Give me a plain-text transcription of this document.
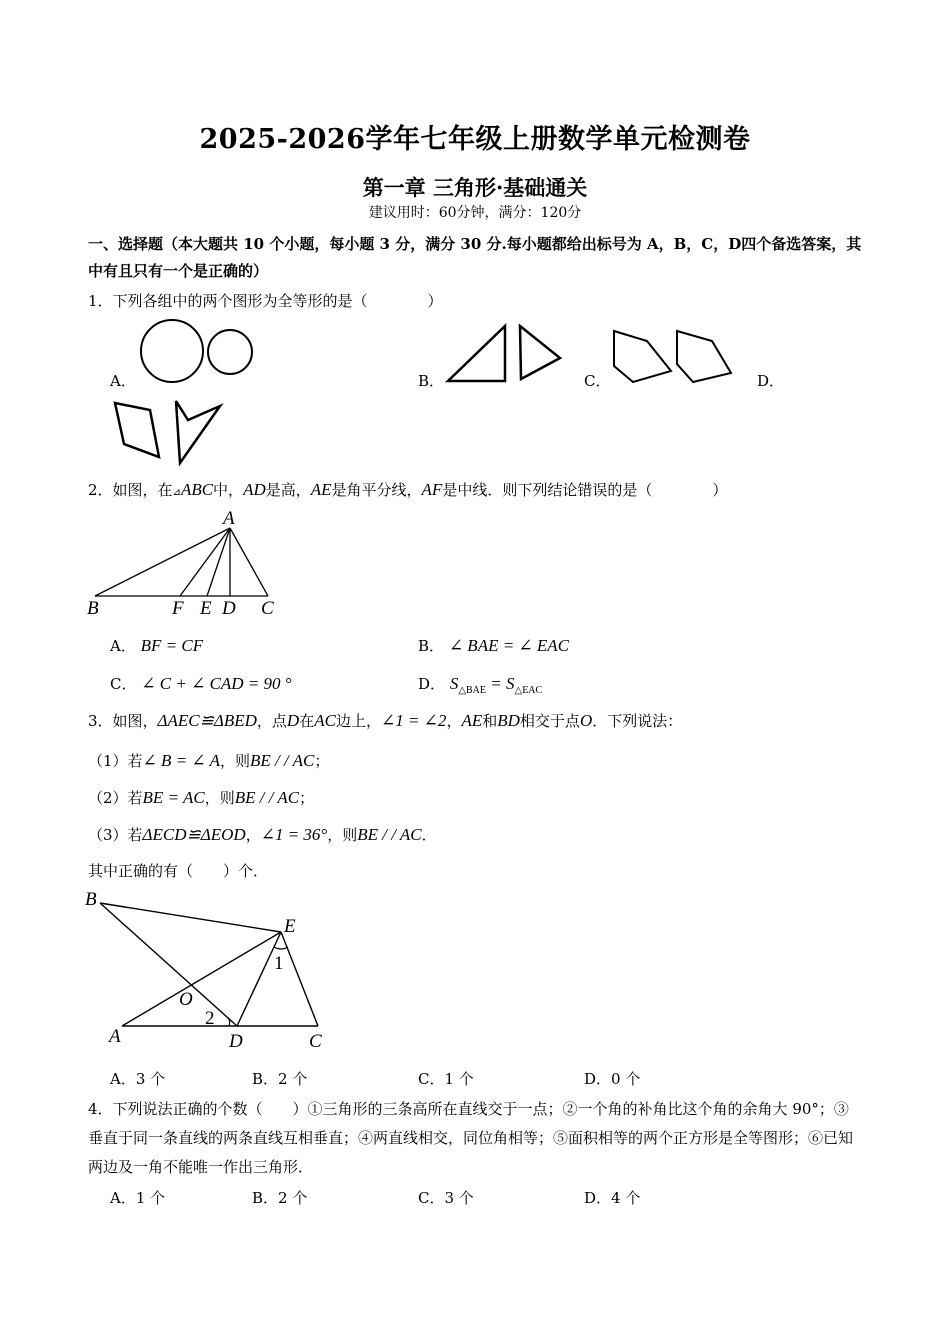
2025-2026学年七年级上册数学单元检测卷
第一章 三角形·基础通关
建议用时：60分钟，满分：120分
一、选择题（本大题共 10 个小题，每小题 3 分，满分 30 分.每小题都给出标号为 A，B，C，D四个备选答案，其中有且只有一个是正确的）
1．下列各组中的两个图形为全等形的是（　　　　）
A．	B．	C．	D．
2．如图，在⊿ABC中，AD是高，AE是角平分线，AF是中线．则下列结论错误的是（　　　　）
A
B	F E D C
A． BF = CF	B． ∠ BAE = ∠ EAC
C． ∠ C + ∠ CAD = 90 °	D． $S_{\triangle BAE} = S_{\triangle EAC}$
3．如图，ΔAEC≌ΔBED，点D在AC边上，∠1 = ∠2，AE和BD相交于点O．下列说法：
（1）若∠ B = ∠ A，则BE / / AC；
（2）若BE = AC，则BE / / AC；
（3）若ΔECD≌ΔEOD，∠1 = 36°，则BE / / AC．
其中正确的有（　　）个．
B
E
O
A	D	C
1
2
A．3 个	B．2 个	C．1 个	D．0 个
4．下列说法正确的个数（　　）①三角形的三条高所在直线交于一点；②一个角的补角比这个角的余角大 90°；③垂直于同一条直线的两条直线互相垂直；④两直线相交，同位角相等；⑤面积相等的两个正方形是全等图形；⑥已知两边及一角不能唯一作出三角形．
A．1 个	B．2 个	C．3 个	D．4 个
